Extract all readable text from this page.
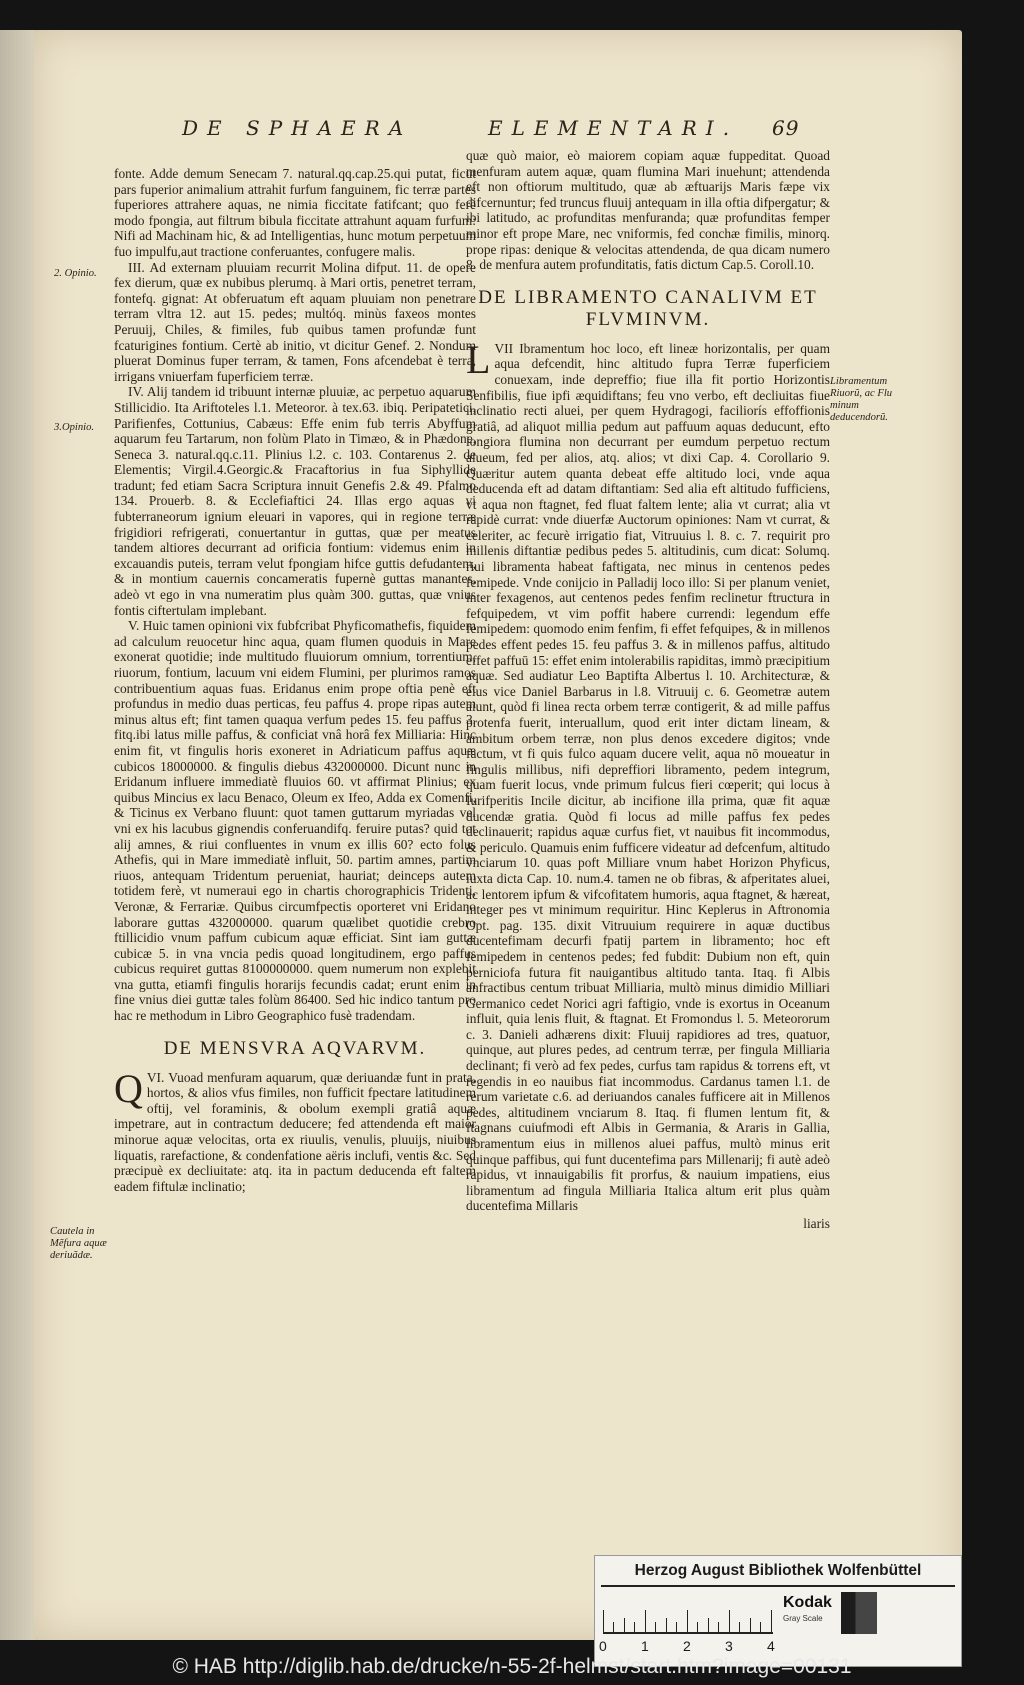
DE SPHAERA	ELEMENTARI. 69
2. Opinio.
3.Opinio.
Cautela in Mẽfura aquæ deriuãdæ.
Libramentum Riuorũ, ac Flu minum deducendorũ.

fonte. Adde demum Senecam 7. natural.qq.cap.25.qui putat, ficut pars fuperior animalium attrahit furfum fanguinem, fic terræ partes fuperiores attrahere aquas, ne nimia ficcitate fatifcant; quo ferè modo fpongia, aut filtrum bibula ficcitate attrahunt aquam furfum: Nifi ad Machinam hic, & ad Intelligentias, hunc motum perpetuum fuo impulfu,aut tractione conferuantes, confugere malis.

III. Ad externam pluuiam recurrit Molina difput. 11. de opere fex dierum, quæ ex nubibus plerumq. à Mari ortis, penetret terram, fontefq. gignat: At obferuatum eft aquam pluuiam non penetrare terram vltra 12. aut 15. pedes; multóq. minùs faxeos montes Peruuij, Chiles, & fimiles, fub quibus tamen profundæ funt fcaturigines fontium. Certè ab initio, vt dicitur Genef. 2. Nondum pluerat Dominus fuper terram, & tamen, Fons afcendebat è terra, irrigans vniuerfam fuperficiem terræ.

IV. Alij tandem id tribuunt internæ pluuiæ, ac perpetuo aquarum Stillicidio. Ita Ariftoteles l.1. Meteoror. à tex.63. ibiq. Peripatetici, Parifienfes, Cottunius, Cabæus: Effe enim fub terris Abyffum aquarum feu Tartarum, non folùm Plato in Timæo, & in Phædone, Seneca 3. natural.qq.c.11. Plinius l.2. c. 103. Contarenus 2. de Elementis; Virgil.4.Georgic.& Fracaftorius in fua Siphyllide tradunt; fed etiam Sacra Scriptura innuit Genefis 2.& 49. Pfalmo 134. Prouerb. 8. & Ecclefiaftici 24. Illas ergo aquas vi fubterraneorum ignium eleuari in vapores, qui in regione terræ frigidiori refrigerati, conuertantur in guttas, quæ per meatus tandem altiores decurrant ad orificia fontium: videmus enim in excauandis puteis, terram velut fpongiam hifce guttis defudantem, & in montium cauernis concameratis fupernè guttas manantes, adeò vt ego in vna numeratim plus quàm 300. guttas, quæ vnius fontis ciftertulam implebant.

V. Huic tamen opinioni vix fubfcribat Phyficomathefis, fiquidem ad calculum reuocetur hinc aqua, quam flumen quoduis in Mare exonerat quotidie; inde multitudo fluuiorum omnium, torrentium, riuorum, fontium, lacuum vni eidem Flumini, per plurimos ramos contribuentium aquas fuas. Eridanus enim prope oftia penè eft profundus in medio duas perticas, feu paffus 4. prope ripas autem minus altus eft; fint tamen quaqua verfum pedes 15. feu paffus 3. fitq.ibi latus mille paffus, & conficiat vnâ horâ fex Milliaria: Hinc enim fit, vt fingulis horis exoneret in Adriaticum paffus aquæ cubicos 18000000. & fingulis diebus 432000000. Dicunt nunc in Eridanum influere immediatè fluuios 60. vt affirmat Plinius; ex quibus Mincius ex lacu Benaco, Oleum ex Ifeo, Adda ex Comenfi, & Ticinus ex Verbano fluunt: quot tamen guttarum myriadas vel vni ex his lacubus gignendis conferuandifq. feruire putas? quid tot alij amnes, & riui confluentes in vnum ex illis 60? ecto folus Athefis, qui in Mare immediatè influit, 50. partim amnes, partim riuos, antequam Tridentum perueniat, hauriat; deinceps autem totidem ferè, vt numeraui ego in chartis chorographicis Tridenti, Veronæ, & Ferrariæ. Quibus circumfpectis oporteret vni Eridano laborare guttas 432000000. quarum quælibet quotidie crebro ftillicidio vnum paffum cubicum aquæ efficiat. Sint iam guttæ cubicæ 5. in vna vncia pedis quoad longitudinem, ergo paffus cubicus requiret guttas 8100000000. quem numerum non explebit vna gutta, etiamfi fingulis horarijs fecundis cadat; erunt enim in fine vnius diei guttæ tales folùm 86400. Sed hic indico tantum pro hac re methodum in Libro Geographico fusè tradendam.

DE MENSVRA AQVARVM.

VI.
Q Vuoad menfuram aquarum, quæ deriuandæ funt in prata, hortos, & alios vfus fimiles, non fufficit fpectare latitudinem oftij, vel foraminis, & obolum exempli gratiâ aquæ impetrare, aut in contractum deducere; fed attendenda eft maior minorue aquæ velocitas, orta ex riuulis, venulis, pluuijs, niuibus liquatis, rarefactione, & condenfatione aëris inclufi, ventis &c. Sed præcipuè ex decliuitate: atq. ita in pactum deducenda eft faltem eadem fiftulæ inclinatio;

quæ quò maior, eò maiorem copiam aquæ fuppeditat. Quoad menfuram autem aquæ, quam flumina Mari inuehunt; attendenda eft non oftiorum multitudo, quæ ab æftuarijs Maris fæpe vix difcernuntur; fed truncus fluuij antequam in illa oftia difpergatur; & ibi latitudo, ac profunditas menfuranda; quæ profunditas femper minor eft prope Mare, nec vniformis, fed conchæ fimilis, minorq. prope ripas: denique & velocitas attendenda, de qua dicam numero 8. de menfura autem profunditatis, fatis dictum Cap.5. Coroll.10.

DE LIBRAMENTO CANALIVM ET FLVMINVM.

VII
L Ibramentum hoc loco, eft lineæ horizontalis, per quam aqua defcendit, hinc altitudo fupra Terræ fuperficiem conuexam, inde depreffio; fiue illa fit portio Horizontis Senfibilis, fiue ipfi æquidiftans; feu vno verbo, eft decliuitas fiue inclinatio recti aluei, per quem Hydragogi, faciliorís effoffionis gratiâ, ad aliquot millia pedum aut paffuum aquas deducunt, efto longiora flumina non decurrant per eumdum perpetuo rectum alueum, fed per alios, atq. alios; vt dixi Cap. 4. Corollario 9. Quæritur autem quanta debeat effe altitudo loci, vnde aqua deducenda eft ad datam diftantiam: Sed alia eft altitudo fufficiens, vt aqua non ftagnet, fed fluat faltem lente; alia vt currat; alia vt rapidè currat: vnde diuerfæ Auctorum opiniones: Nam vt currat, & celeriter, ac fecurè irrigatio fiat, Vitruuius l. 8. c. 7. requirit pro millenis diftantiæ pedibus pedes 5. altitudinis, cum dicat: Solumq. riui libramenta habeat faftigata, nec minus in centenos pedes femipede. Vnde conijcio in Palladij loco illo: Si per planum veniet, inter fexagenos, aut centenos pedes fenfim reclinetur ftructura in fefquipedem, vt vim poffit habere currendi: legendum effe femipedem: quomodo enim fenfim, fi effet fefquipes, & in millenos pedes effent pedes 15. feu paffus 3. & in millenos paffus, altitudo effet paffuū 15: effet enim intolerabilis rapiditas, immò præcipitium aquæ. Sed audiatur Leo Baptifta Albertus l. 10. Architecturæ, & eius vice Daniel Barbarus in l.8. Vitruuij c. 6. Geometræ autem aiunt, quòd fi linea recta orbem terræ contigerit, & ad mille paffus protenfa fuerit, interuallum, quod erit inter dictam lineam, & ambitum orbem terræ, non plus denos excedere digitos; vnde factum, vt fi quis fulco aquam ducere velit, aqua nō moueatur in fingulis millibus, nifi depreffiori libramento, pedem integrum, quam fuerit locus, vnde primum fulcus fieri cœperit; qui locus à Iurifperitis Incile dicitur, ab incifione illa prima, quæ fit aquæ ducendæ gratia. Quòd fi locus ad mille paffus fex pedes declinauerit; rapidus aquæ curfus fiet, vt nauibus fit incommodus, & periculo. Quamuis enim fufficere videatur ad defcenfum, altitudo vnciarum 10. quas poft Milliare vnum habet Horizon Phyficus, iuxta dicta Cap. 10. num.4. tamen ne ob fibras, & afperitates aluei, ac lentorem ipfum & vifcofitatem humoris, aqua ftagnet, & hæreat, integer pes vt minimum requiritur. Hinc Keplerus in Aftronomia Opt. pag. 135. dixit Vitruuium requirere in aquæ ductibus ducentefimam decurfi fpatij partem in libramento; hoc eft femipedem in centenos pedes; fed fubdit: Dubium non eft, quin perniciofa futura fit nauigantibus altitudo tanta. Itaq. fi Albis anfractibus centum tribuat Milliaria, multò minus dimidio Milliari Germanico cedet Norici agri faftigio, vnde is exortus in Oceanum influit, quia lenis fluit, & ftagnat. Et Fromondus l. 5. Meteororum c. 3. Danieli adhærens dixit: Fluuij rapidiores ad tres, quatuor, quinque, aut plures pedes, ad centrum terræ, per fingula Milliaria declinant; fi verò ad fex pedes, curfus tam rapidus & torrens eft, vt regendis in eo nauibus fiat incommodus. Cardanus tamen l.1. de rerum varietate c.6. ad deriuandos canales fufficere ait in Millenos pedes, altitudinem vnciarum 8. Itaq. fi flumen lentum fit, & ftagnans cuiufmodi eft Albis in Germania, & Araris in Gallia, libramentum eius in millenos aluei paffus, multò minus erit quinque paffibus, qui funt ducentefima pars Millenarij; fi autè adeò rapidus, vt innauigabilis fit prorfus, & nauium impatiens, eius libramentum ad fingula Milliaria Italica altum erit plus quàm ducentefima Millaris

liaris

Herzog August Bibliothek Wolfenbüttel
0 1 2 3 4
Kodak
Gray Scale
© HAB http://diglib.hab.de/drucke/n-55-2f-helmst/start.htm?image=00131
